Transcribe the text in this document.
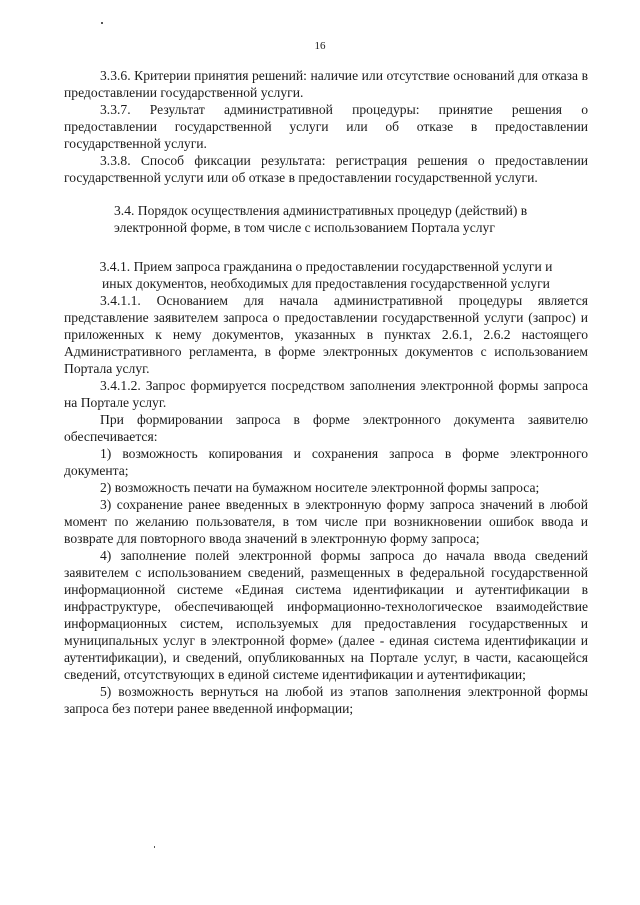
16

3.3.6. Критерии принятия решений: наличие или отсутствие оснований для отказа в предоставлении государственной услуги.

3.3.7. Результат административной процедуры: принятие решения о предоставлении государственной услуги или об отказе в предоставлении государственной услуги.

3.3.8. Способ фиксации результата: регистрация решения о предоставлении государственной услуги или об отказе в предоставлении государственной услуги.

3.4. Порядок осуществления административных процедур (действий) в электронной форме, в том числе с использованием Портала услуг

3.4.1. Прием запроса гражданина о предоставлении государственной услуги и иных документов, необходимых для предоставления государственной услуги

3.4.1.1. Основанием для начала административной процедуры является представление заявителем запроса о предоставлении государственной услуги (запрос) и приложенных к нему документов, указанных в пунктах 2.6.1, 2.6.2 настоящего Административного регламента, в форме электронных документов с использованием Портала услуг.

3.4.1.2. Запрос формируется посредством заполнения электронной формы запроса на Портале услуг.

При формировании запроса в форме электронного документа заявителю обеспечивается:

1) возможность копирования и сохранения запроса в форме электронного документа;

2) возможность печати на бумажном носителе электронной формы запроса;

3) сохранение ранее введенных в электронную форму запроса значений в любой момент по желанию пользователя, в том числе при возникновении ошибок ввода и возврате для повторного ввода значений в электронную форму запроса;

4) заполнение полей электронной формы запроса до начала ввода сведений заявителем с использованием сведений, размещенных в федеральной государственной информационной системе «Единая система идентификации и аутентификации в инфраструктуре, обеспечивающей информационно-технологическое взаимодействие информационных систем, используемых для предоставления государственных и муниципальных услуг в электронной форме» (далее - единая система идентификации и аутентификации), и сведений, опубликованных на Портале услуг, в части, касающейся сведений, отсутствующих в единой системе идентификации и аутентификации;

5) возможность вернуться на любой из этапов заполнения электронной формы запроса без потери ранее введенной информации;
